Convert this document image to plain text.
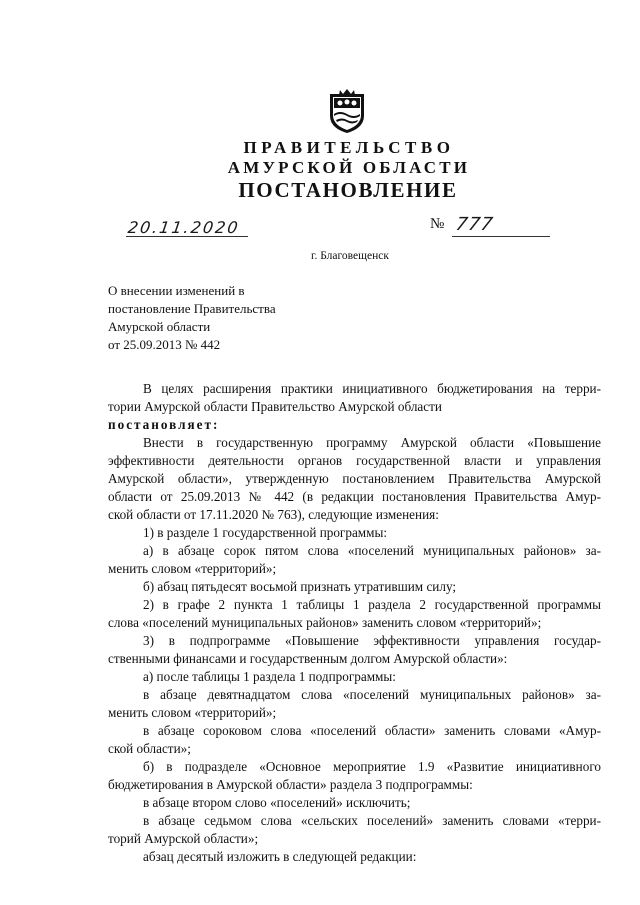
ПРАВИТЕЛЬСТВО
АМУРСКОЙ ОБЛАСТИ
ПОСТАНОВЛЕНИЕ
20.11.2020	№ 777
г. Благовещенск
О внесении изменений в
постановление Правительства
Амурской области
от 25.09.2013 № 442
В целях расширения практики инициативного бюджетирования на терри-
тории Амурской области Правительство Амурской области
постановляет:
Внести в государственную программу Амурской области «Повышение
эффективности деятельности органов государственной власти и управления
Амурской области», утвержденную постановлением Правительства Амурской
области от 25.09.2013 № 442 (в редакции постановления Правительства Амур-
ской области от 17.11.2020 № 763), следующие изменения:
1) в разделе 1 государственной программы:
а) в абзаце сорок пятом слова «поселений муниципальных районов» за-
менить словом «территорий»;
б) абзац пятьдесят восьмой признать утратившим силу;
2) в графе 2 пункта 1 таблицы 1 раздела 2 государственной программы
слова «поселений муниципальных районов» заменить словом «территорий»;
3) в подпрограмме «Повышение эффективности управления государ-
ственными финансами и государственным долгом Амурской области»:
а) после таблицы 1 раздела 1 подпрограммы:
в абзаце девятнадцатом слова «поселений муниципальных районов» за-
менить словом «территорий»;
в абзаце сороковом слова «поселений области» заменить словами «Амур-
ской области»;
б) в подразделе «Основное мероприятие 1.9 «Развитие инициативного
бюджетирования в Амурской области» раздела 3 подпрограммы:
в абзаце втором слово «поселений» исключить;
в абзаце седьмом слова «сельских поселений» заменить словами «терри-
торий Амурской области»;
абзац десятый изложить в следующей редакции:
